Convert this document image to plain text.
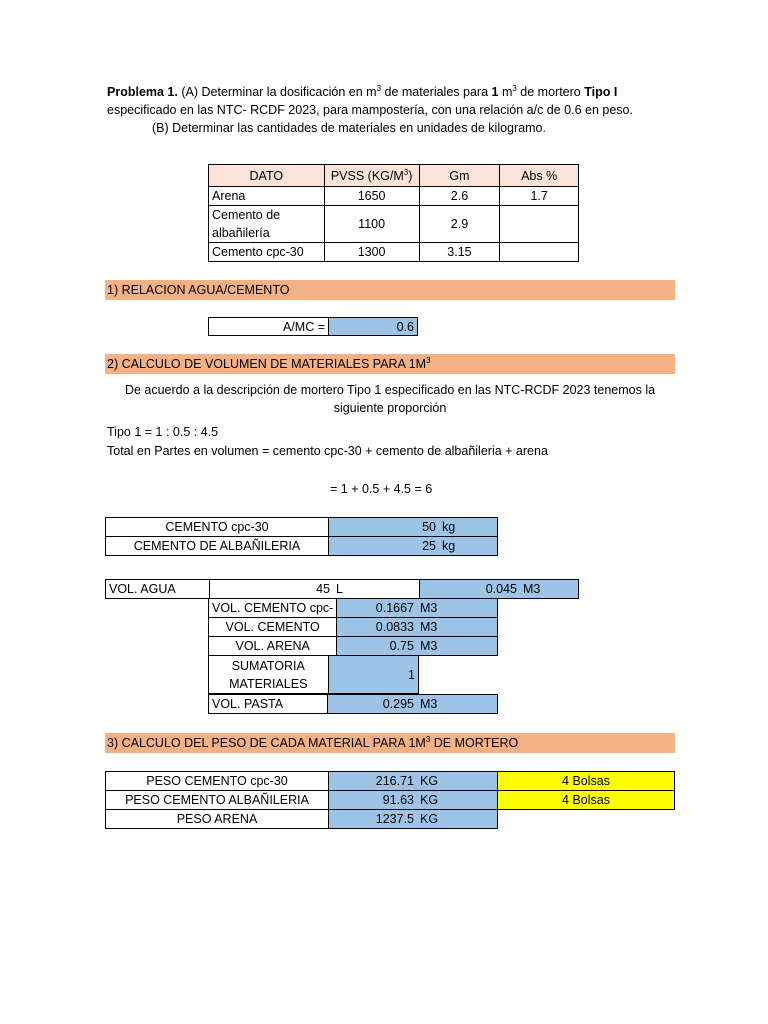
Problema 1. (A) Determinar la dosificación en $m^3$ de materiales para 1 $m^3$ de mortero Tipo I

especificado en las NTC- RCDF 2023, para mampostería, con una relación a/c de 0.6 en peso.

(B) Determinar las cantidades de materiales en unidades de kilogramo.

DATO	PVSS $(KG/M^3)$	Gm	Abs %
Arena	1650	2.6	1.7
Cemento de albañilería	1100	2.9	
Cemento cpc-30	1300	3.15	
1) RELACION AGUA/CEMENTO
A/MC =	0.6
2) CALCULO DE VOLUMEN DE MATERIALES PARA $1M^3$
De acuerdo a la descripción de mortero Tipo 1 especificado en las NTC-RCDF 2023 tenemos la
siguiente proporción
Tipo 1 = 1 : 0.5 : 4.5
Total en Partes en volumen = cemento cpc-30 + cemento de albañileria + arena
= 1 + 0.5 + 4.5 = 6
CEMENTO cpc-30	50 kg

CEMENTO DE ALBAÑILERIA	25 kg
VOL. AGUA	45 L	0.045 M3
VOL. CEMENTO cpc-	0.1667 M3

VOL. CEMENTO	0.0833 M3

VOL. ARENA	0.75 M3
SUMATORIA
MATERIALES
	1
VOL. PASTA	0.295 M3
3) CALCULO DEL PESO DE CADA MATERIAL PARA $1M^3$ DE MORTERO
PESO CEMENTO cpc-30	216.71 KG	4 Bolsas
PESO CEMENTO ALBAÑILERIA	91.63 KG	4 Bolsas
PESO ARENA	1237.5 KG	
